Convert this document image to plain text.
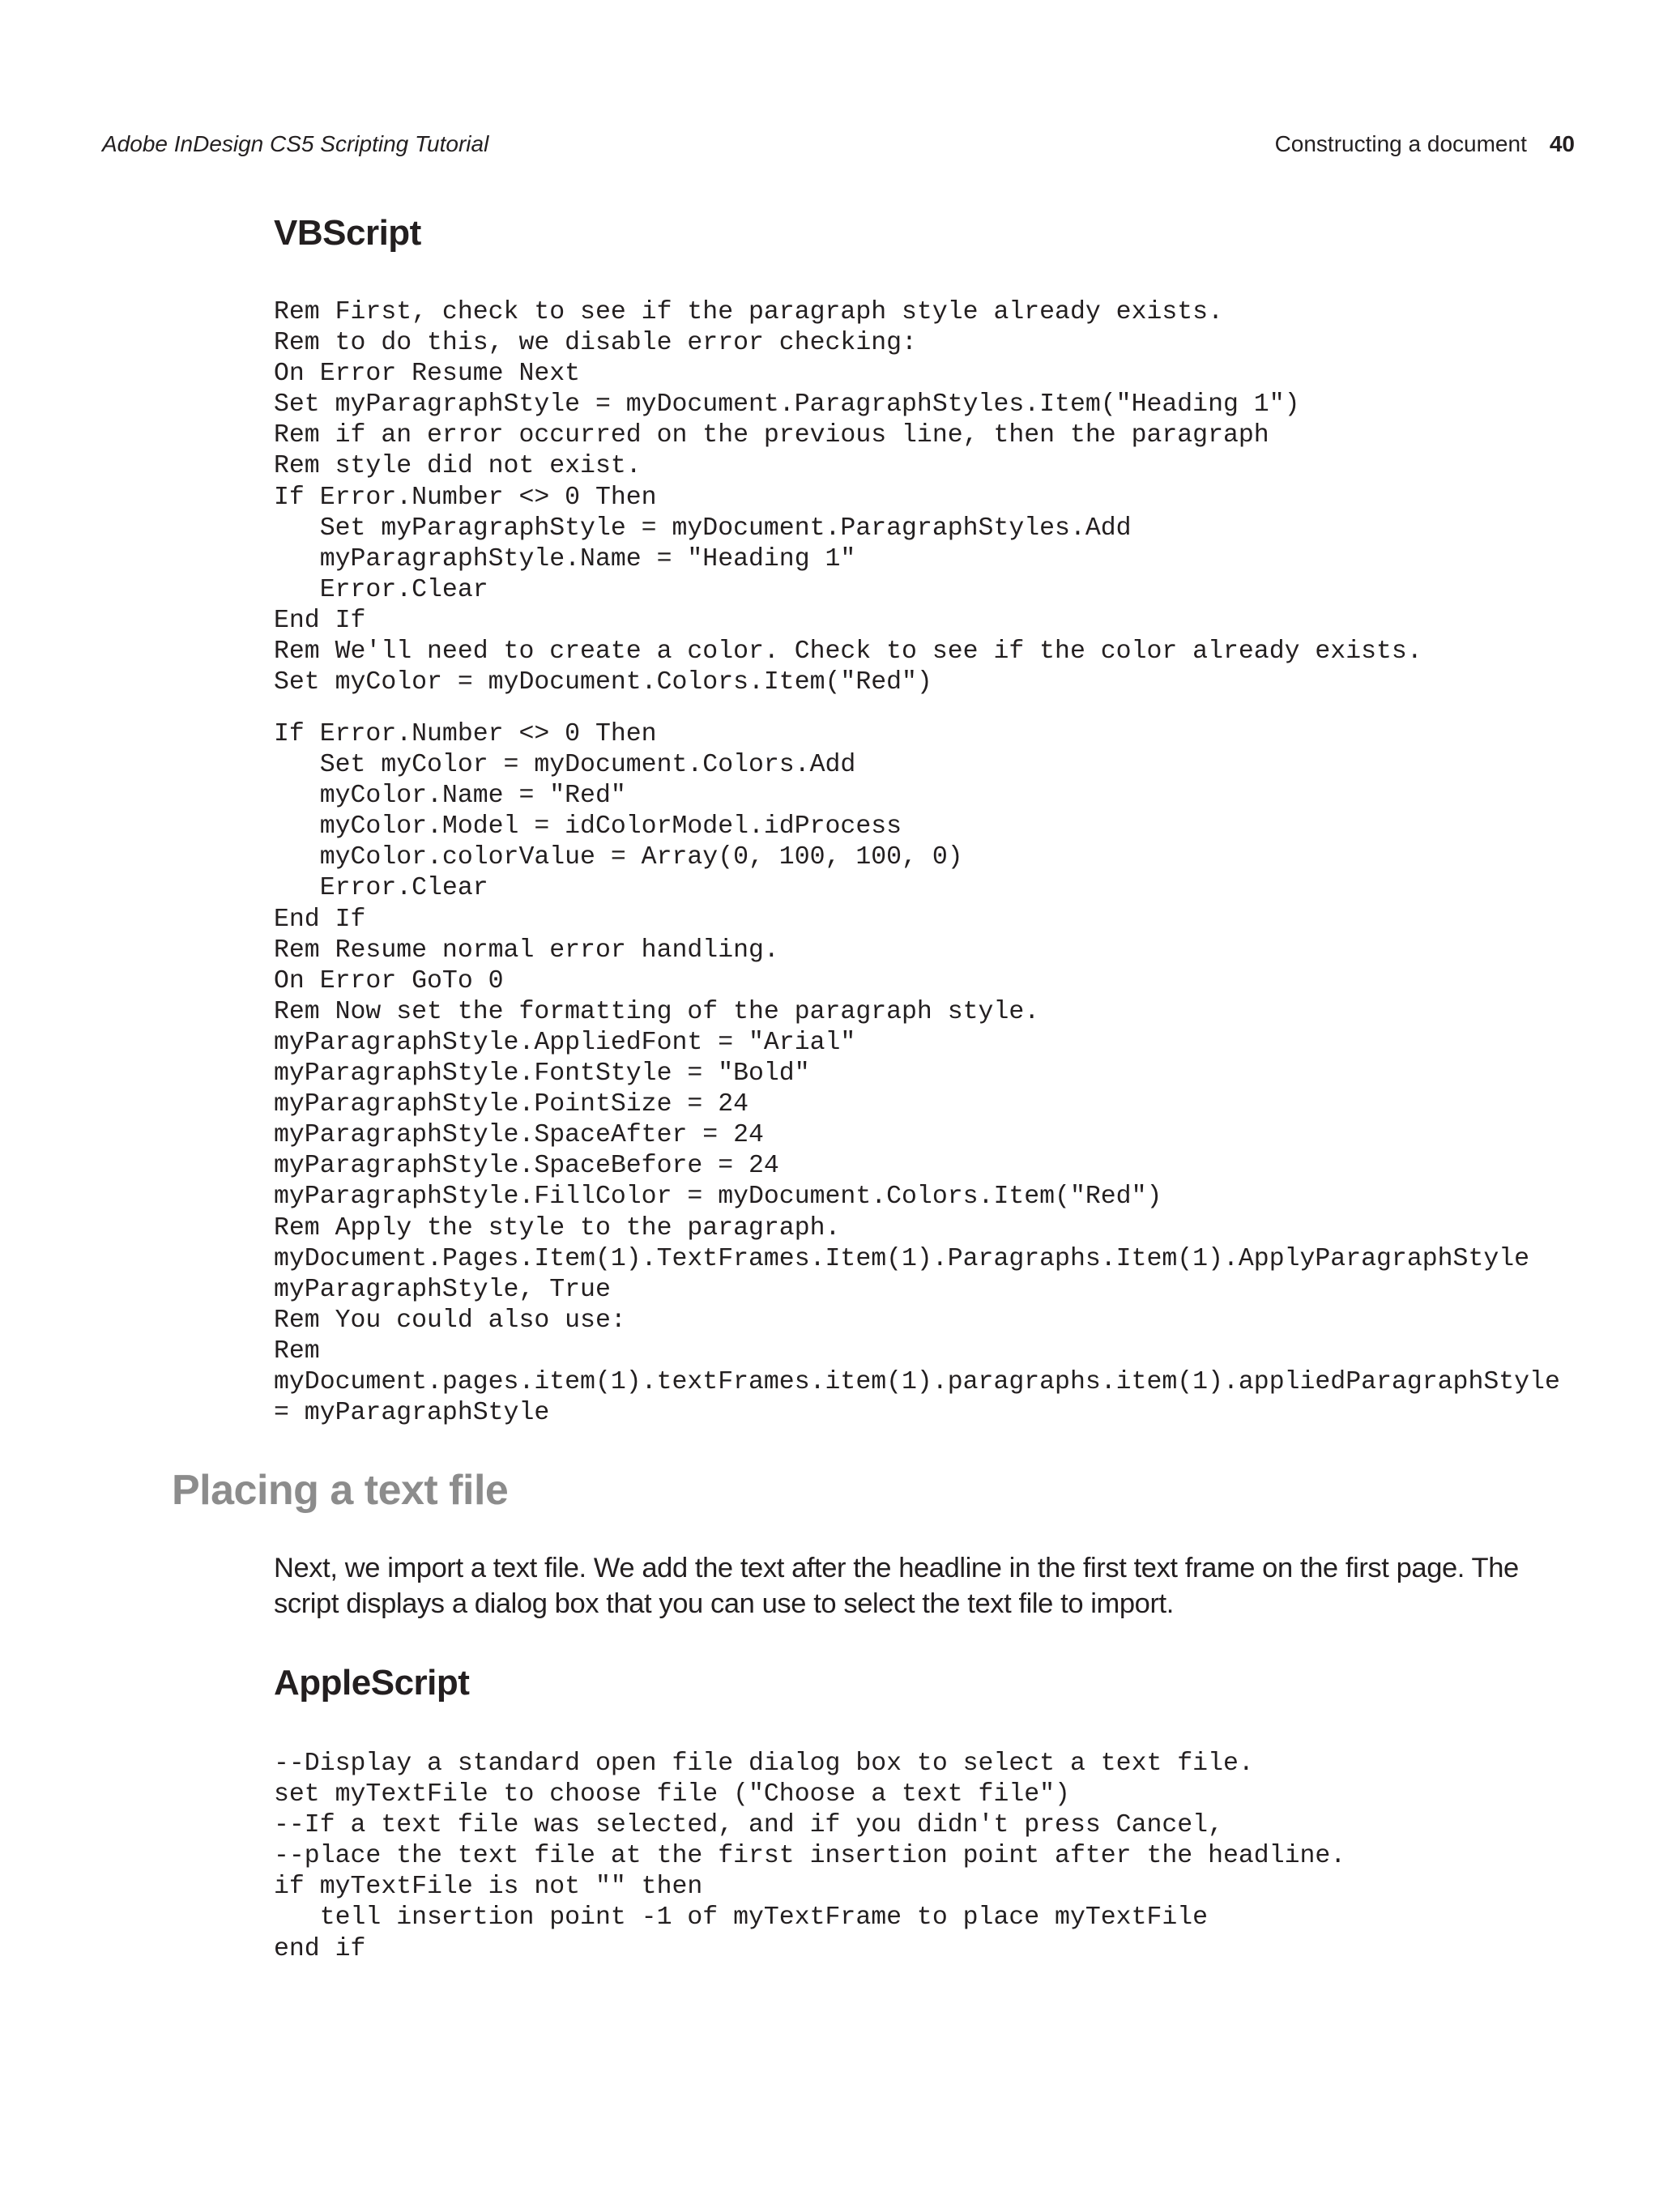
Adobe InDesign CS5 Scripting Tutorial	Constructing a document 40
VBScript
Rem First, check to see if the paragraph style already exists.
Rem to do this, we disable error checking:
On Error Resume Next
Set myParagraphStyle = myDocument.ParagraphStyles.Item("Heading 1")
Rem if an error occurred on the previous line, then the paragraph
Rem style did not exist.
If Error.Number <> 0 Then
Set myParagraphStyle = myDocument.ParagraphStyles.Add
myParagraphStyle.Name = "Heading 1"
Error.Clear
End If
Rem We'll need to create a color. Check to see if the color already exists.
Set myColor = myDocument.Colors.Item("Red")
If Error.Number <> 0 Then
Set myColor = myDocument.Colors.Add
myColor.Name = "Red"
myColor.Model = idColorModel.idProcess
myColor.colorValue = Array(0, 100, 100, 0)
Error.Clear
End If
Rem Resume normal error handling.
On Error GoTo 0
Rem Now set the formatting of the paragraph style.
myParagraphStyle.AppliedFont = "Arial"
myParagraphStyle.FontStyle = "Bold"
myParagraphStyle.PointSize = 24
myParagraphStyle.SpaceAfter = 24
myParagraphStyle.SpaceBefore = 24
myParagraphStyle.FillColor = myDocument.Colors.Item("Red")
Rem Apply the style to the paragraph.
myDocument.Pages.Item(1).TextFrames.Item(1).Paragraphs.Item(1).ApplyParagraphStyle
myParagraphStyle, True
Rem You could also use:
Rem
myDocument.pages.item(1).textFrames.item(1).paragraphs.item(1).appliedParagraphStyle
= myParagraphStyle
Placing a text file
Next, we import a text file. We add the text after the headline in the first text frame on the first page. The script displays a dialog box that you can use to select the text file to import.
AppleScript
--Display a standard open file dialog box to select a text file.
set myTextFile to choose file ("Choose a text file")
--If a text file was selected, and if you didn't press Cancel,
--place the text file at the first insertion point after the headline.
if myTextFile is not "" then
tell insertion point -1 of myTextFrame to place myTextFile
end if
